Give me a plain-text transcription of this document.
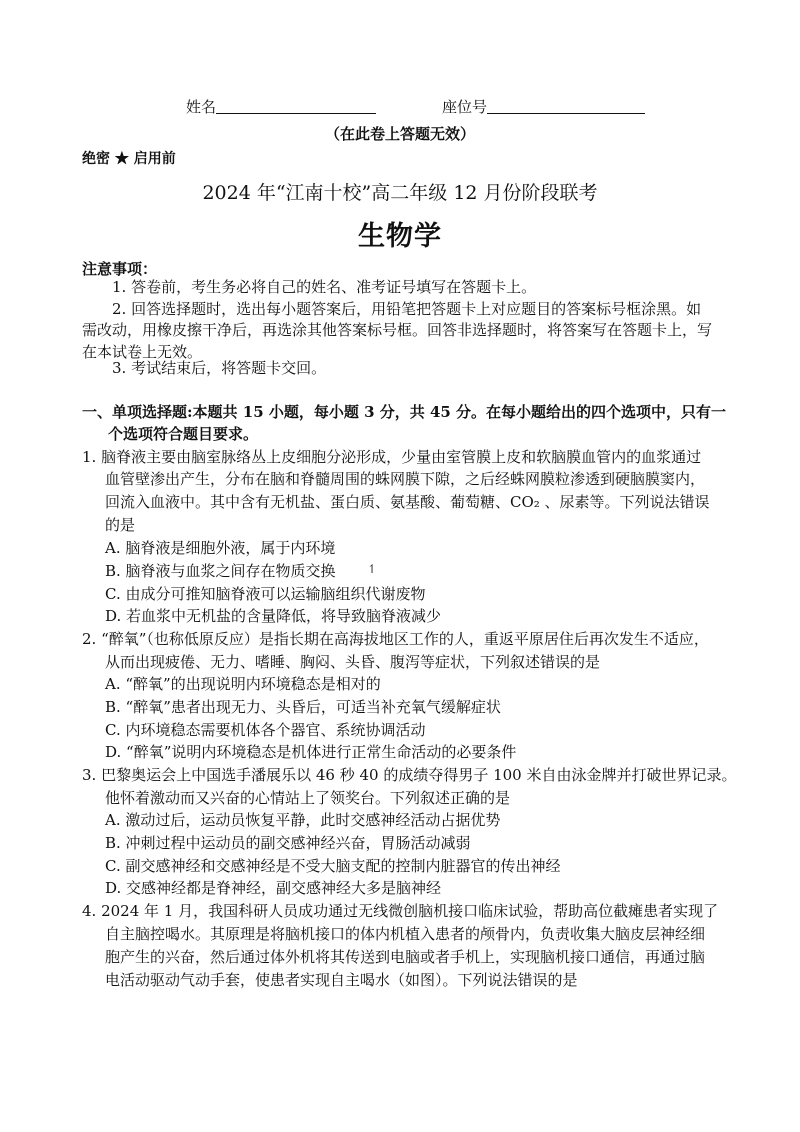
姓名	座位号
（在此卷上答题无效）
绝密 ★ 启用前
2024 年“江南十校”高二年级 12 月份阶段联考
生物学
注意事项：
1. 答卷前，考生务必将自己的姓名、准考证号填写在答题卡上。
2. 回答选择题时，选出每小题答案后，用铅笔把答题卡上对应题目的答案标号框涂黑。如
需改动，用橡皮擦干净后，再选涂其他答案标号框。回答非选择题时，将答案写在答题卡上，写
在本试卷上无效。
3. 考试结束后，将答题卡交回。
一、单项选择题:本题共 15 小题，每小题 3 分，共 45 分。在每小题给出的四个选项中，只有一
个选项符合题目要求。
1. 脑脊液主要由脑室脉络丛上皮细胞分泌形成，少量由室管膜上皮和软脑膜血管内的血浆通过
血管壁渗出产生，分布在脑和脊髓周围的蛛网膜下隙，之后经蛛网膜粒渗透到硬脑膜窦内，
回流入血液中。其中含有无机盐、蛋白质、氨基酸、葡萄糖、CO₂ 、尿素等。下列说法错误
的是
A. 脑脊液是细胞外液，属于内环境
B. 脑脊液与血浆之间存在物质交换
C. 由成分可推知脑脊液可以运输脑组织代谢废物
D. 若血浆中无机盐的含量降低，将导致脑脊液减少
↿
2. “醉氧”（也称低原反应）是指长期在高海拔地区工作的人，重返平原居住后再次发生不适应，
从而出现疲倦、无力、嗜睡、胸闷、头昏、腹泻等症状，下列叙述错误的是
A. “醉氧”的出现说明内环境稳态是相对的
B. “醉氧”患者出现无力、头昏后，可适当补充氧气缓解症状
C. 内环境稳态需要机体各个器官、系统协调活动
D. “醉氧”说明内环境稳态是机体进行正常生命活动的必要条件
3. 巴黎奥运会上中国选手潘展乐以 46 秒 40 的成绩夺得男子 100 米自由泳金牌并打破世界记录。
他怀着激动而又兴奋的心情站上了领奖台。下列叙述正确的是
A. 激动过后，运动员恢复平静，此时交感神经活动占据优势
B. 冲刺过程中运动员的副交感神经兴奋，胃肠活动减弱
C. 副交感神经和交感神经是不受大脑支配的控制内脏器官的传出神经
D. 交感神经都是脊神经，副交感神经大多是脑神经
4. 2024 年 1 月，我国科研人员成功通过无线微创脑机接口临床试验，帮助高位截瘫患者实现了
自主脑控喝水。其原理是将脑机接口的体内机植入患者的颅骨内，负责收集大脑皮层神经细
胞产生的兴奋，然后通过体外机将其传送到电脑或者手机上，实现脑机接口通信，再通过脑
电活动驱动气动手套，使患者实现自主喝水（如图）。下列说法错误的是
